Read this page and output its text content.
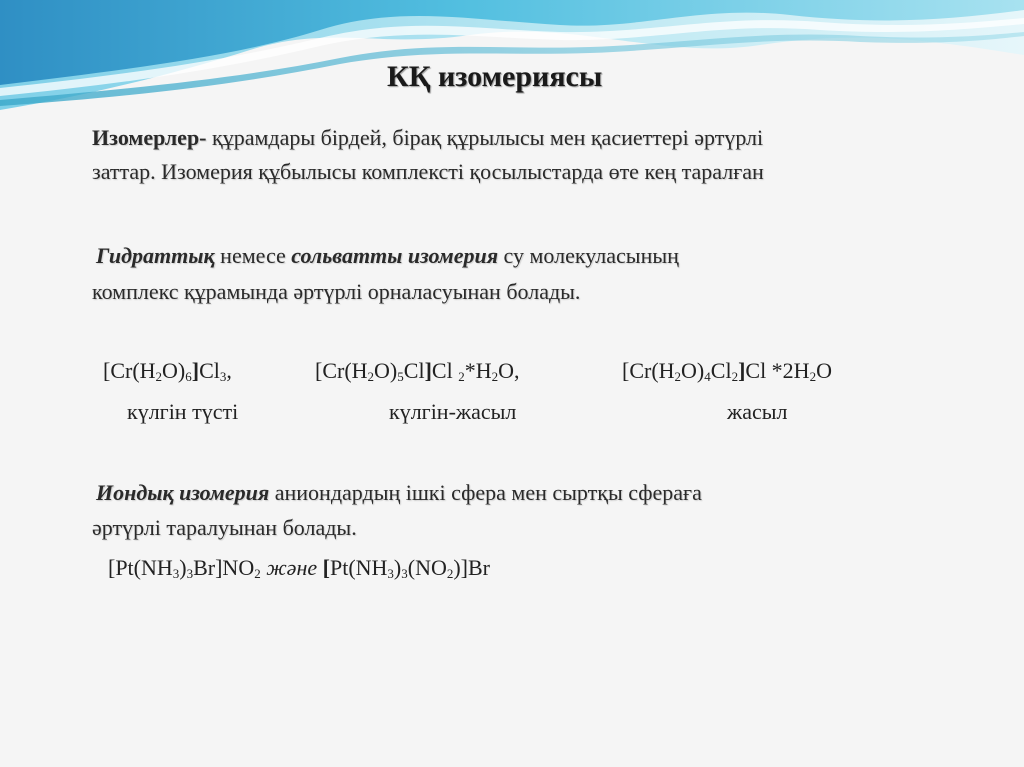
КҚ изомериясы
Изомерлер- құрамдары бірдей, бірақ құрылысы мен қасиеттері әртүрлі
заттар. Изомерия құбылысы комплексті қосылыстарда өте кең таралған
Гидраттық немесе сольватты изомерия су молекуласының
комплекс құрамында әртүрлі орналасуынан болады.
$[Cr(H_2O)_6]Cl_3$,	$[Cr(H_2O)_5Cl]Cl$ $_2*H_2O$,	$[Cr(H_2O)_4Cl_2]Cl$ $*2H_2O$
күлгін түсті	күлгін-жасыл	жасыл
Иондық изомерия аниондардың ішкі сфера мен сыртқы сфераға
әртүрлі таралуынан болады.
$[Pt(NH_3)_3Br]NO_2$ және $[Pt(NH_3)_3(NO_2)]Br$
